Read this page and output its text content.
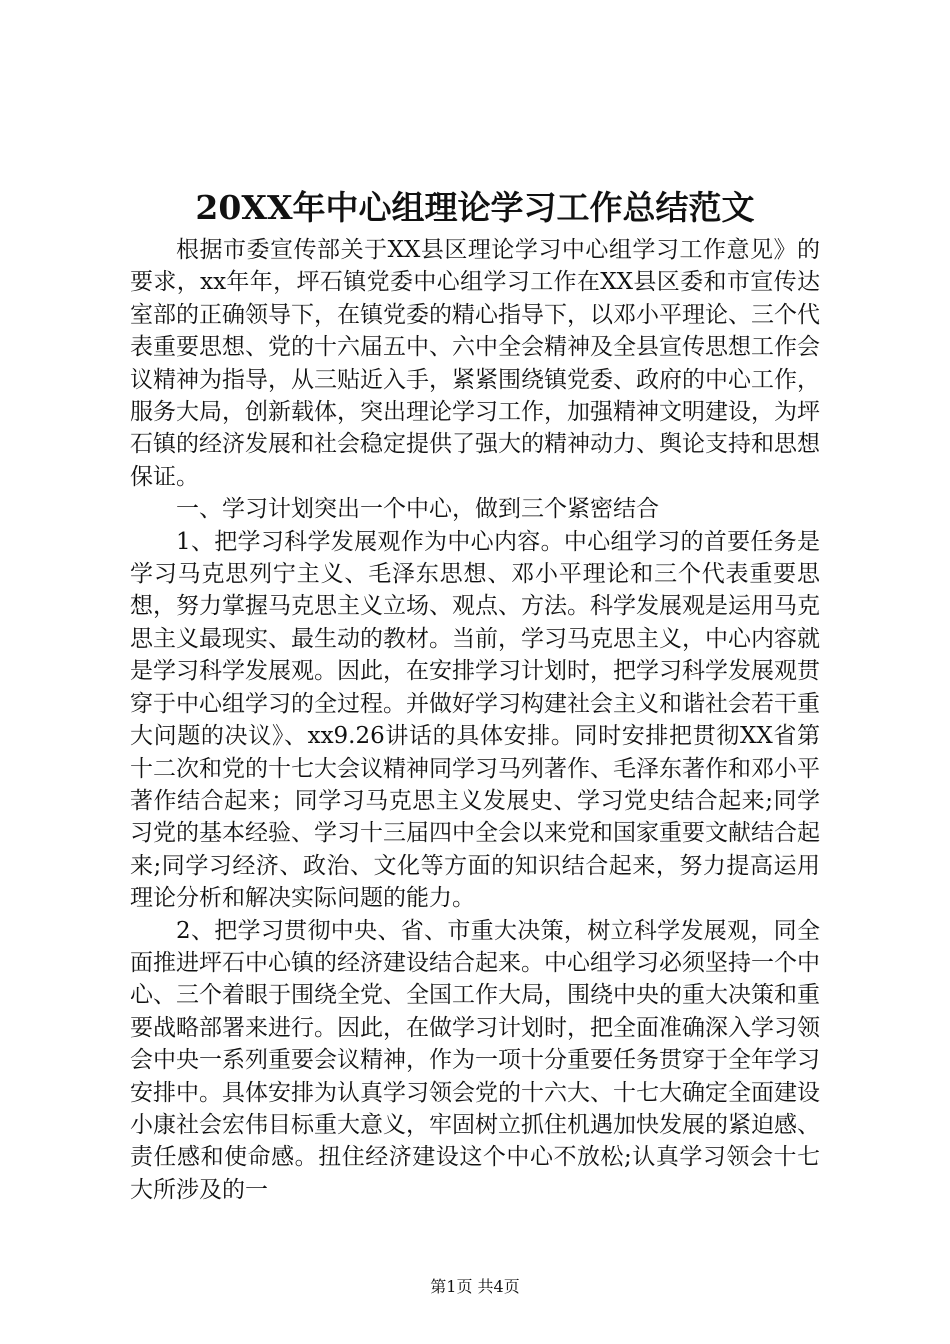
20XX年中心组理论学习工作总结范文

根据市委宣传部关于XX县区理论学习中心组学习工作意见》的要求，xx年年，坪石镇党委中心组学习工作在XX县区委和市宣传达室部的正确领导下，在镇党委的精心指导下，以邓小平理论、三个代表重要思想、党的十六届五中、六中全会精神及全县宣传思想工作会议精神为指导，从三贴近入手，紧紧围绕镇党委、政府的中心工作，服务大局，创新载体，突出理论学习工作，加强精神文明建设，为坪石镇的经济发展和社会稳定提供了强大的精神动力、舆论支持和思想保证。

一、学习计划突出一个中心，做到三个紧密结合

1、把学习科学发展观作为中心内容。中心组学习的首要任务是学习马克思列宁主义、毛泽东思想、邓小平理论和三个代表重要思想，努力掌握马克思主义立场、观点、方法。科学发展观是运用马克思主义最现实、最生动的教材。当前，学习马克思主义，中心内容就是学习科学发展观。因此，在安排学习计划时，把学习科学发展观贯穿于中心组学习的全过程。并做好学习构建社会主义和谐社会若干重大问题的决议》、xx9.26讲话的具体安排。同时安排把贯彻XX省第十二次和党的十七大会议精神同学习马列著作、毛泽东著作和邓小平著作结合起来；同学习马克思主义发展史、学习党史结合起来;同学习党的基本经验、学习十三届四中全会以来党和国家重要文献结合起来;同学习经济、政治、文化等方面的知识结合起来，努力提高运用理论分析和解决实际问题的能力。

2、把学习贯彻中央、省、市重大决策，树立科学发展观，同全面推进坪石中心镇的经济建设结合起来。中心组学习必须坚持一个中心、三个着眼于围绕全党、全国工作大局，围绕中央的重大决策和重要战略部署来进行。因此，在做学习计划时，把全面准确深入学习领会中央一系列重要会议精神，作为一项十分重要任务贯穿于全年学习安排中。具体安排为认真学习领会党的十六大、十七大确定全面建设小康社会宏伟目标重大意义，牢固树立抓住机遇加快发展的紧迫感、责任感和使命感。扭住经济建设这个中心不放松;认真学习领会十七大所涉及的一

第1页 共4页
